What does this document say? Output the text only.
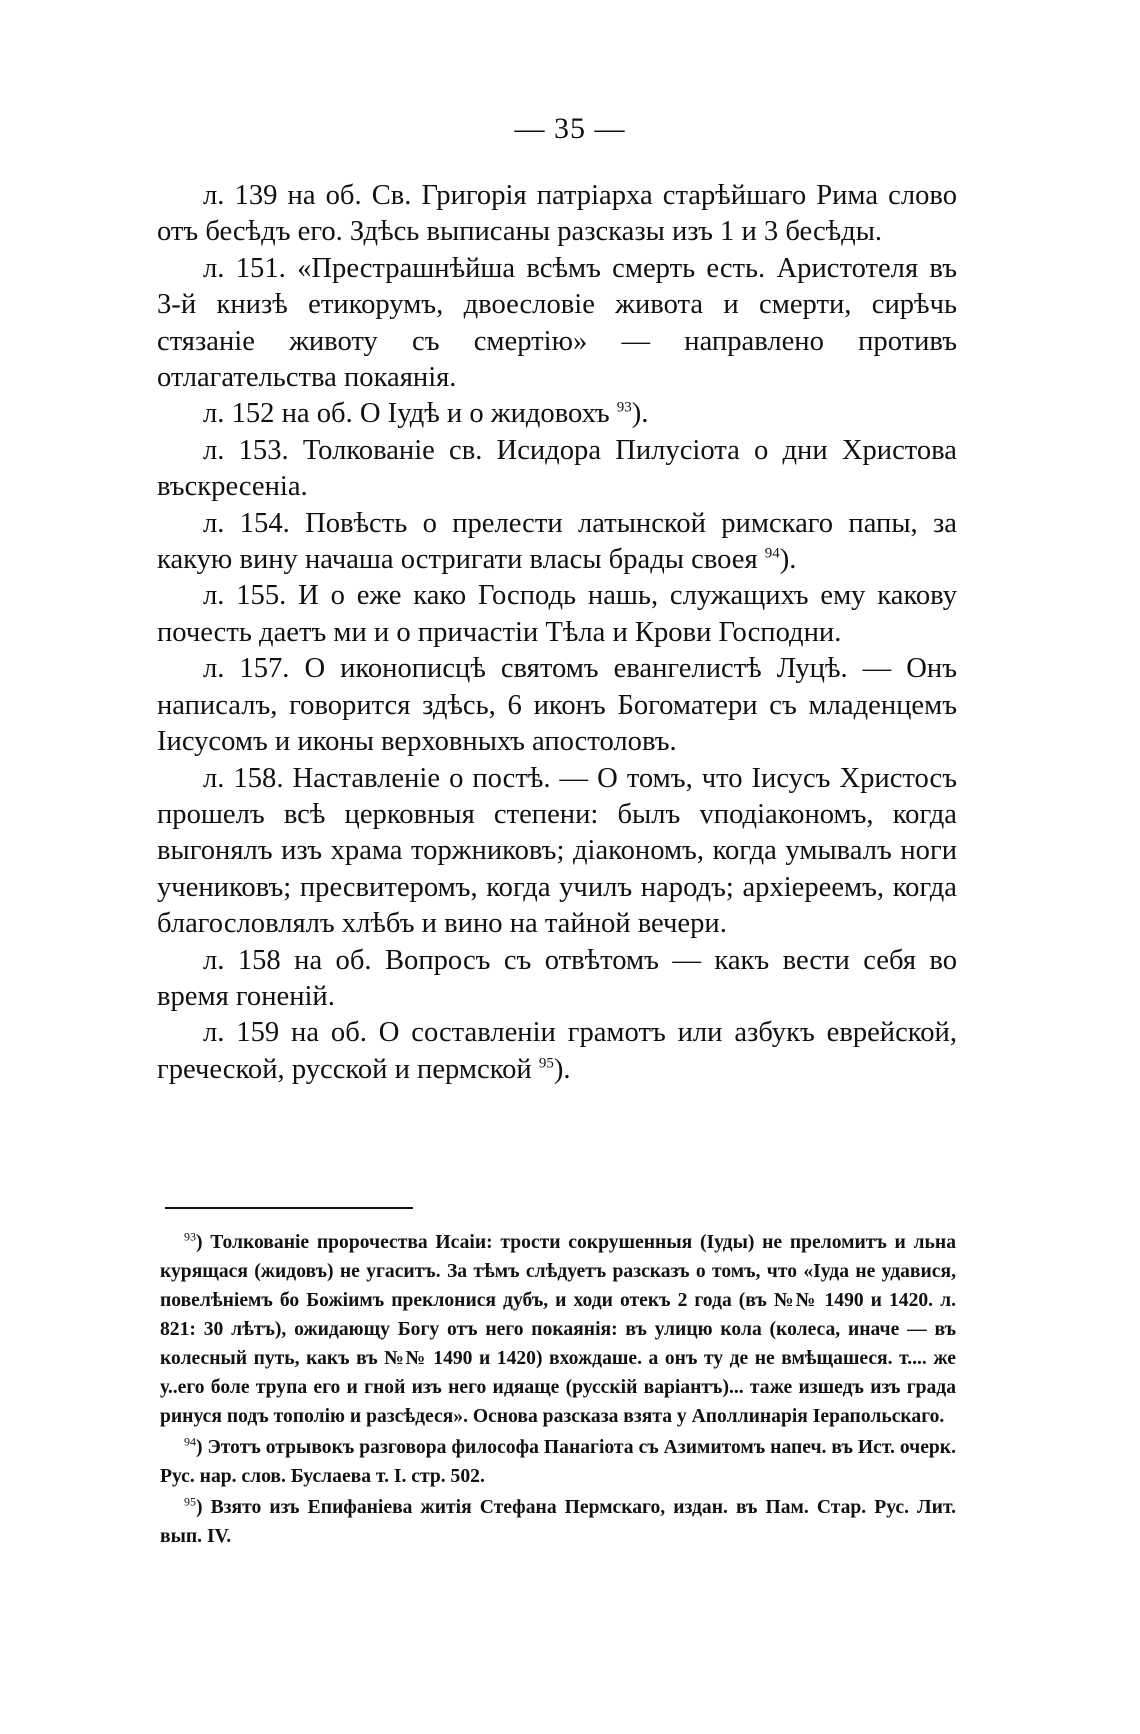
— 35 —

л. 139 на об. Св. Григорія патріарха старѣйшаго Рима слово отъ бесѣдъ его. Здѣсь выписаны разсказы изъ 1 и 3 бесѣды.

л. 151. «Престрашнѣйша всѣмъ смерть есть. Аристотеля въ 3-й книзѣ етикорумъ, двоесловіе живота и смерти, сирѣчь стязаніе животу съ смертію» — направлено противъ отлагательства покаянія.

л. 152 на об. О Іудѣ и о жидовохъ $^{93}$).

л. 153. Толкованіе св. Исидора Пилусіота о дни Христова въскресеніа.

л. 154. Повѣсть о прелести латынской римскаго папы, за какую вину начаша остригати власы брады своея $^{94}$).

л. 155. И о еже како Господь нашь, служащихъ ему какову почесть даетъ ми и о причастіи Тѣла и Крови Господни.

л. 157. О иконописцѣ святомъ евангелистѣ Луцѣ. — Онъ написалъ, говорится здѣсь, 6 иконъ Богоматери съ младенцемъ Іисусомъ и иконы верховныхъ апостоловъ.

л. 158. Наставленіе о постѣ. — О томъ, что Іисусъ Христосъ прошелъ всѣ церковныя степени: былъ vподіакономъ, когда выгонялъ изъ храма торжниковъ; діакономъ, когда умывалъ ноги учениковъ; пресвитеромъ, когда училъ народъ; архіереемъ, когда благословлялъ хлѣбъ и вино на тайной вечери.

л. 158 на об. Вопросъ съ отвѣтомъ — какъ вести себя во время гоненій.

л. 159 на об. О составленіи грамотъ или азбукъ еврейской, греческой, русской и пермской $^{95}$).

$^{93}$) Толкованіе пророчества Исаіи: трости сокрушенныя (Іуды) не преломитъ и льна курящася (жидовъ) не угаситъ. За тѣмъ слѣдуетъ разсказъ о томъ, что «Іуда не удавися, повелѣніемъ бо Божіимъ преклонися дубъ, и ходи отекъ 2 года (въ №№ 1490 и 1420. л. 821: 30 лѣтъ), ожидающу Богу отъ него покаянія: въ улицю кола (колеса, иначе — въ колесный путь, какъ въ №№ 1490 и 1420) вхождаше. а онъ ту де не вмѣщашеся. т.... же у..его боле трупа его и гной изъ него идяаще (русскій варіантъ)... таже изшедъ изъ града ринуся подъ тополію и разсѣдеся». Основа разсказа взята у Аполлинарія Іерапольскаго.

$^{94}$) Этотъ отрывокъ разговора философа Панагіота съ Азимитомъ напеч. въ Ист. очерк. Рус. нар. слов. Буслаева т. I. стр. 502.

$^{95}$) Взято изъ Епифаніева житія Стефана Пермскаго, издан. въ Пам. Стар. Рус. Лит. вып. IV.
